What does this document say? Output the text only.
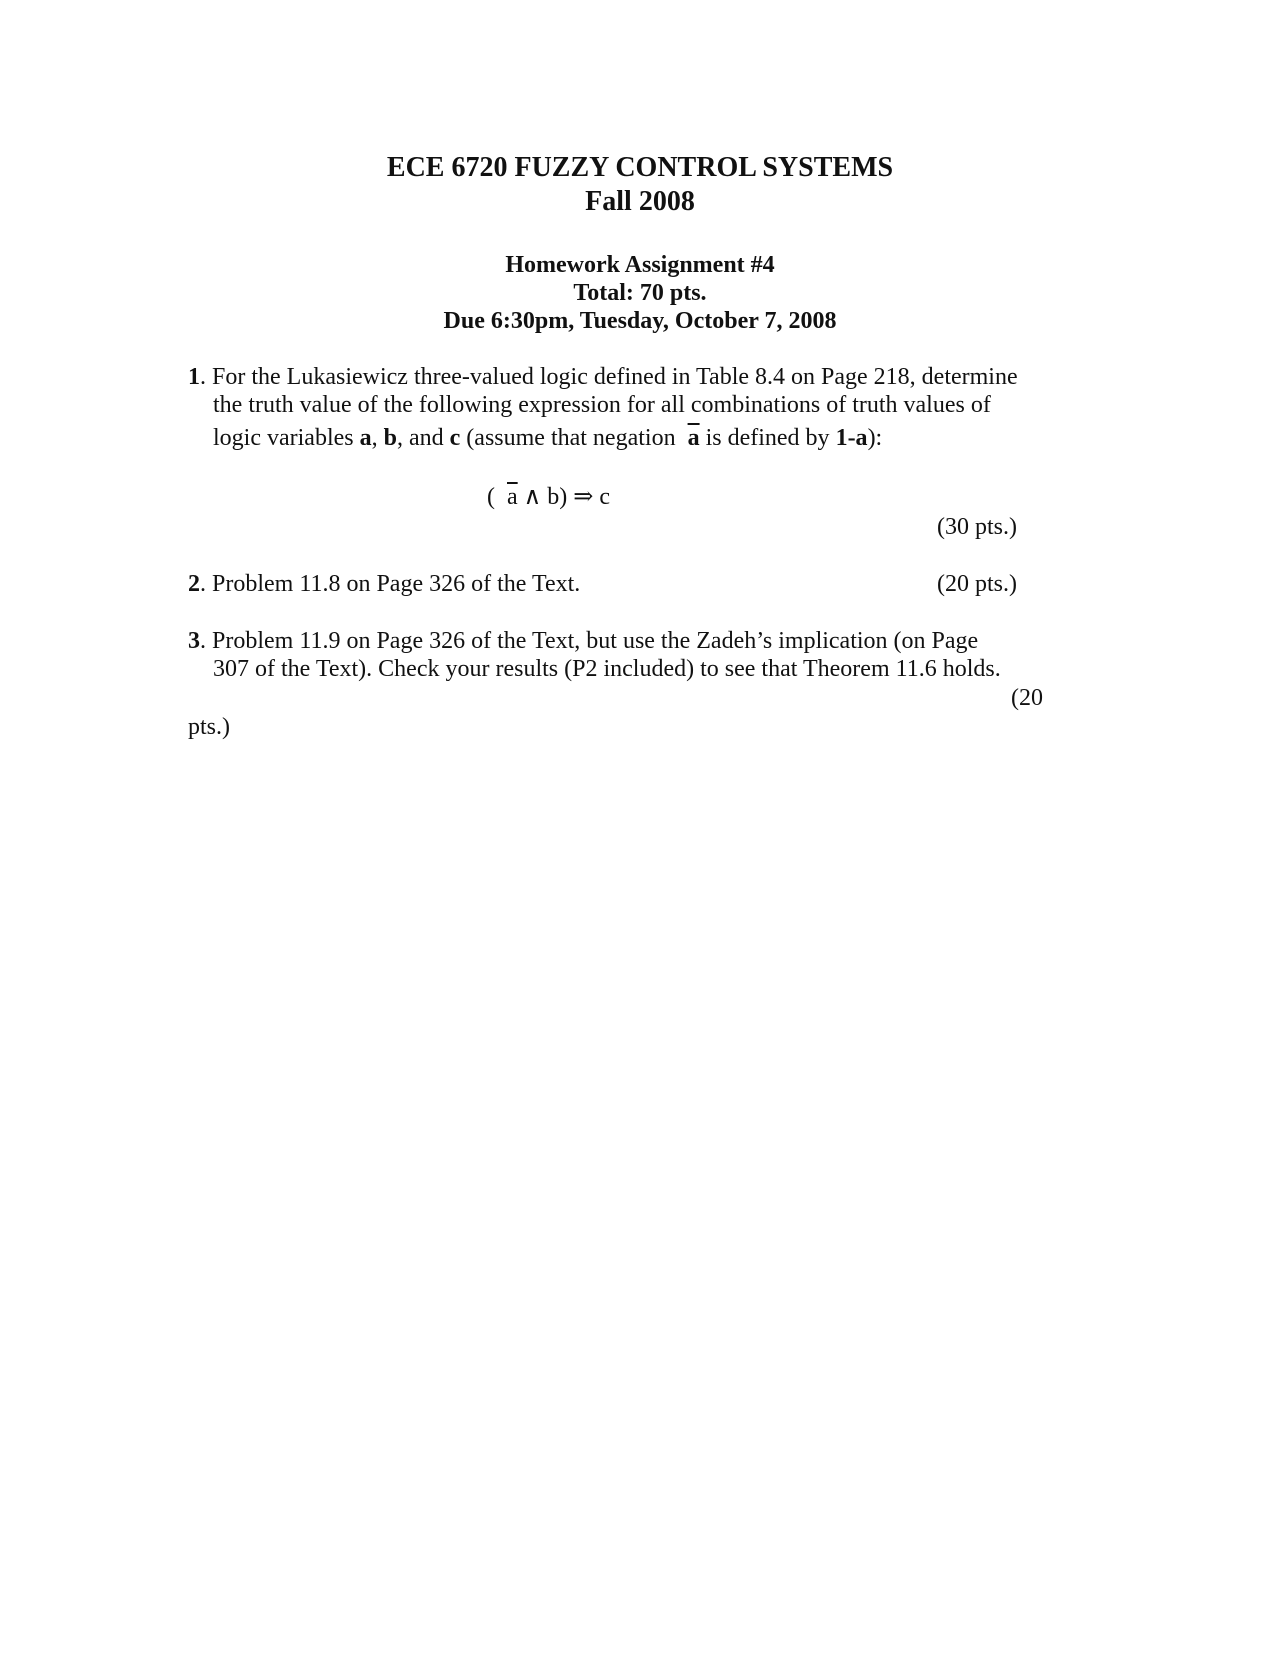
ECE 6720 FUZZY CONTROL SYSTEMS
Fall 2008
Homework Assignment #4
Total: 70 pts.
Due 6:30pm, Tuesday, October 7, 2008
1. For the Lukasiewicz three-valued logic defined in Table 8.4 on Page 218, determine
the truth value of the following expression for all combinations of truth values of
logic variables a, b, and c (assume that negation  $\overline{a}$ is defined by 1-a):
(  $\overline{a}$ ∧ b) ⇒ c
(30 pts.)
2. Problem 11.8 on Page 326 of the Text.	(20 pts.)
3. Problem 11.9 on Page 326 of the Text, but use the Zadeh’s implication (on Page
307 of the Text). Check your results (P2 included) to see that Theorem 11.6 holds.
(20
pts.)
